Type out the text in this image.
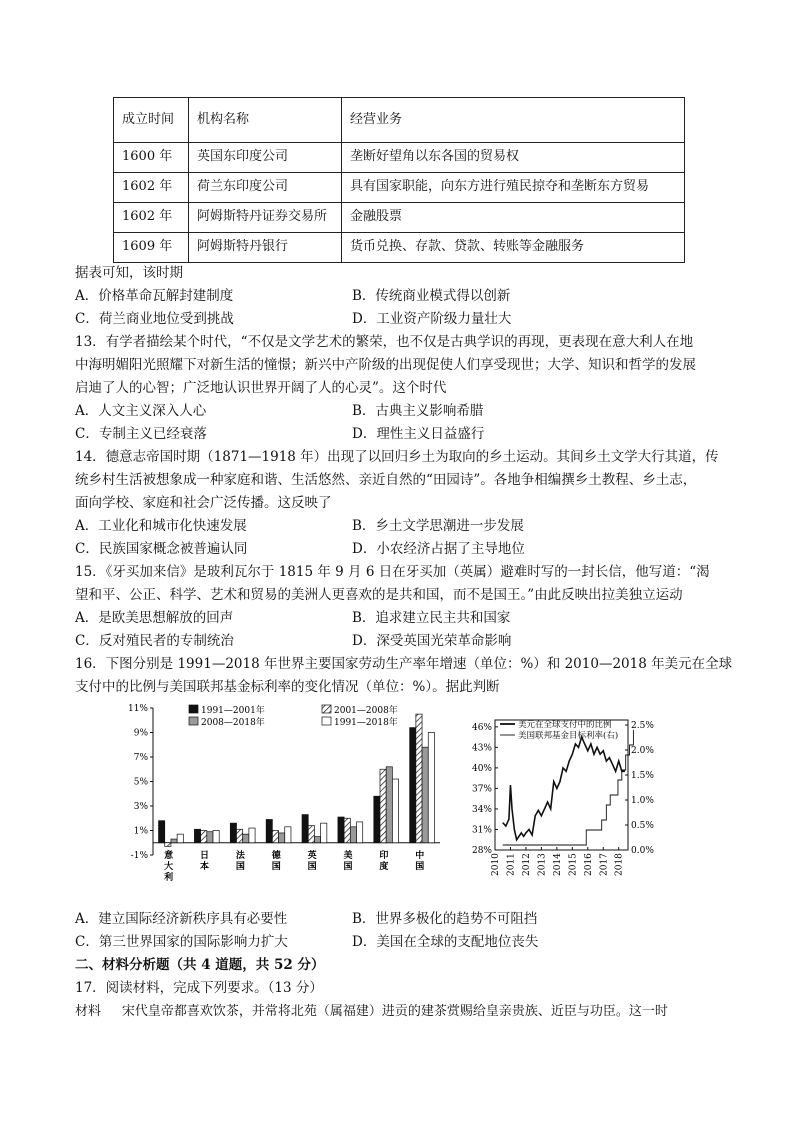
成立时间	机构名称	经营业务
1600 年	英国东印度公司	垄断好望角以东各国的贸易权
1602 年	荷兰东印度公司	具有国家职能，向东方进行殖民掠夺和垄断东方贸易
1602 年	阿姆斯特丹证券交易所	金融股票
1609 年	阿姆斯特丹银行	货币兑换、存款、贷款、转账等金融服务
据表可知，该时期
A．价格革命瓦解封建制度	B．传统商业模式得以创新
C．荷兰商业地位受到挑战	D．工业资产阶级力量壮大
13．有学者描绘某个时代，“不仅是文学艺术的繁荣，也不仅是古典学识的再现，更表现在意大利人在地
中海明媚阳光照耀下对新生活的憧憬；新兴中产阶级的出现促使人们享受现世；大学、知识和哲学的发展
启迪了人的心智；广泛地认识世界开阔了人的心灵”。这个时代
A．人文主义深入人心	B．古典主义影响希腊
C．专制主义已经衰落	D．理性主义日益盛行
14．德意志帝国时期（1871—1918 年）出现了以回归乡土为取向的乡土运动。其间乡土文学大行其道，传
统乡村生活被想象成一种家庭和谐、生活悠然、亲近自然的“田园诗”。各地争相编撰乡土教程、乡土志，
面向学校、家庭和社会广泛传播。这反映了
A．工业化和城市化快速发展	B．乡土文学思潮进一步发展
C．民族国家概念被普遍认同	D．小农经济占据了主导地位
15．《牙买加来信》是玻利瓦尔于 1815 年 9 月 6 日在牙买加（英属）避难时写的一封长信，他写道：“渴
望和平、公正、科学、艺术和贸易的美洲人更喜欢的是共和国，而不是国王。”由此反映出拉美独立运动
A．是欧美思想解放的回声	B．追求建立民主共和国家
C．反对殖民者的专制统治	D．深受英国光荣革命影响
16．下图分别是 1991—2018 年世界主要国家劳动生产率年增速（单位：%）和 2010—2018 年美元在全球
支付中的比例与美国联邦基金标利率的变化情况（单位：%）。据此判断
1991—2001年	2001—2008年
2008—2018年	1991—2018年
11%
9%
7%
5%
3%
1%
-1% 意大利
日本
法国
德国
英国
美国
印度
中国
28%
31%
34%
37%
40%
43%
46%
0.0%
0.5%
1.0%
1.5%
2.0%
2.5%
2010 2011 2012 2013 2014 2015 2016 2017 2018
美元在全球支付中的比例
美国联邦基金目标利率(右)
A．建立国际经济新秩序具有必要性	B．世界多极化的趋势不可阻挡
C．第三世界国家的国际影响力扩大	D．美国在全球的支配地位丧失
二、材料分析题（共 4 道题，共 52 分）
17．阅读材料，完成下列要求。（13 分）
材料　 宋代皇帝都喜欢饮茶，并常将北苑（属福建）进贡的建茶赏赐给皇亲贵族、近臣与功臣。这一时
